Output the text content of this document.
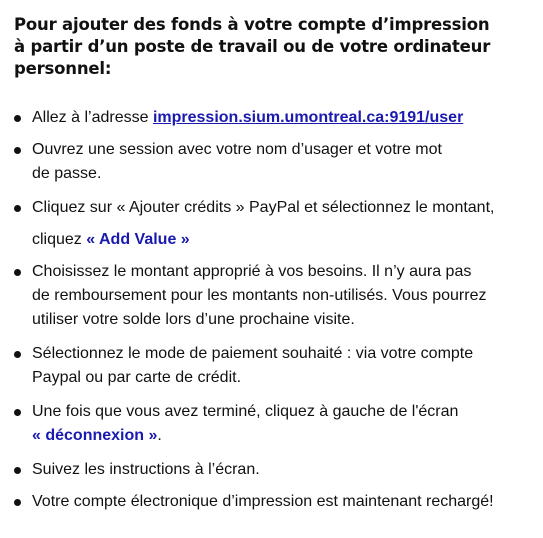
Pour ajouter des fonds à votre compte d’impression
à partir d’un poste de travail ou de votre ordinateur
personnel:
Allez à l’adresse impression.sium.umontreal.ca:9191/user
Ouvrez une session avec votre nom d’usager et votre mot
de passe.
Cliquez sur « Ajouter crédits » PayPal et sélectionnez le montant,
cliquez « Add Value »
Choisissez le montant approprié à vos besoins. Il n’y aura pas
de remboursement pour les montants non-utilisés. Vous pourrez
utiliser votre solde lors d’une prochaine visite.
Sélectionnez le mode de paiement souhaité : via votre compte
Paypal ou par carte de crédit.
Une fois que vous avez terminé, cliquez à gauche de l'écran
« déconnexion ».
Suivez les instructions à l’écran.
Votre compte électronique d’impression est maintenant rechargé!
